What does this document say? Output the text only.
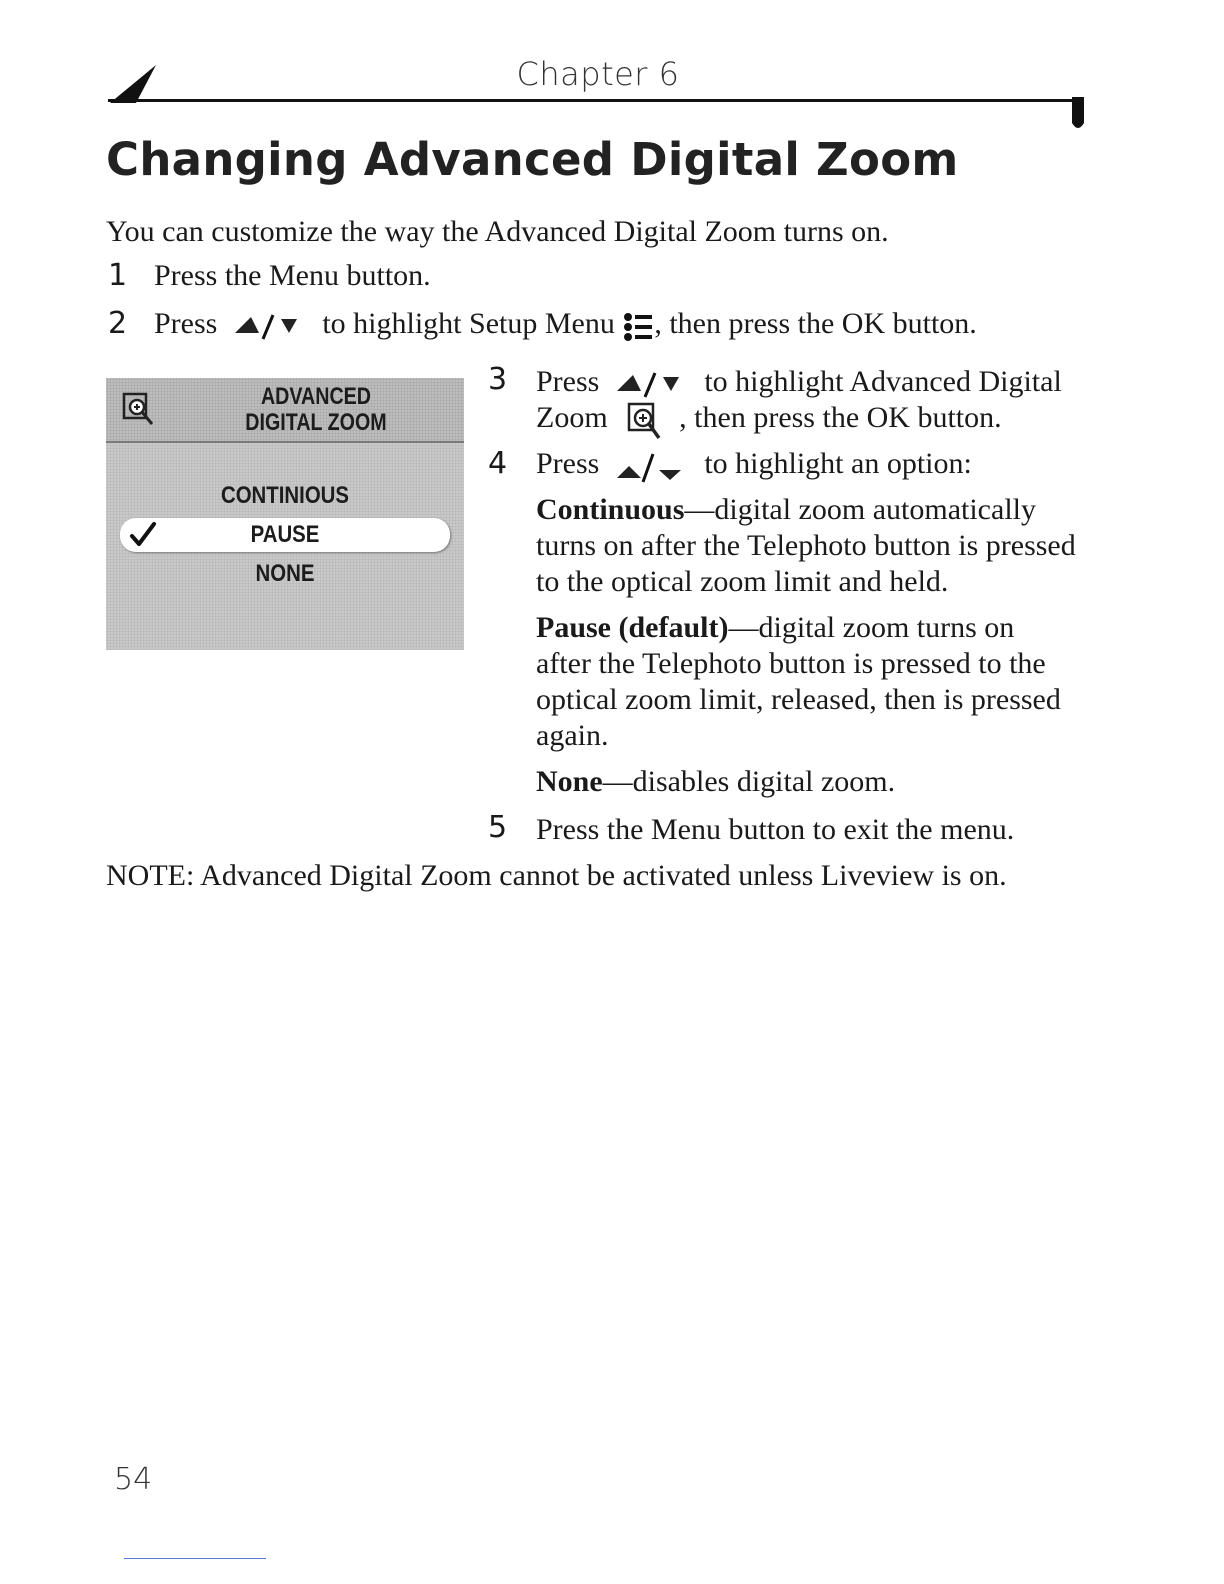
Chapter 6
Changing Advanced Digital Zoom
You can customize the way the Advanced Digital Zoom turns on.
1 Press the Menu button.
2 Press	to highlight Setup Menu , then press the OK button.
ADVANCED
DIGITAL ZOOM
CONTINIOUS
PAUSE
NONE
3 Press	to highlight Advanced Digital
Zoom , then press the OK button.
4 Press	to highlight an option:
Continuous—digital zoom automatically turns on after the Telephoto button is pressed to the optical zoom limit and held.
Pause (default)—digital zoom turns on after the Telephoto button is pressed to the optical zoom limit, released, then is pressed again.
None—disables digital zoom.
5 Press the Menu button to exit the menu.
NOTE: Advanced Digital Zoom cannot be activated unless Liveview is on.
54
